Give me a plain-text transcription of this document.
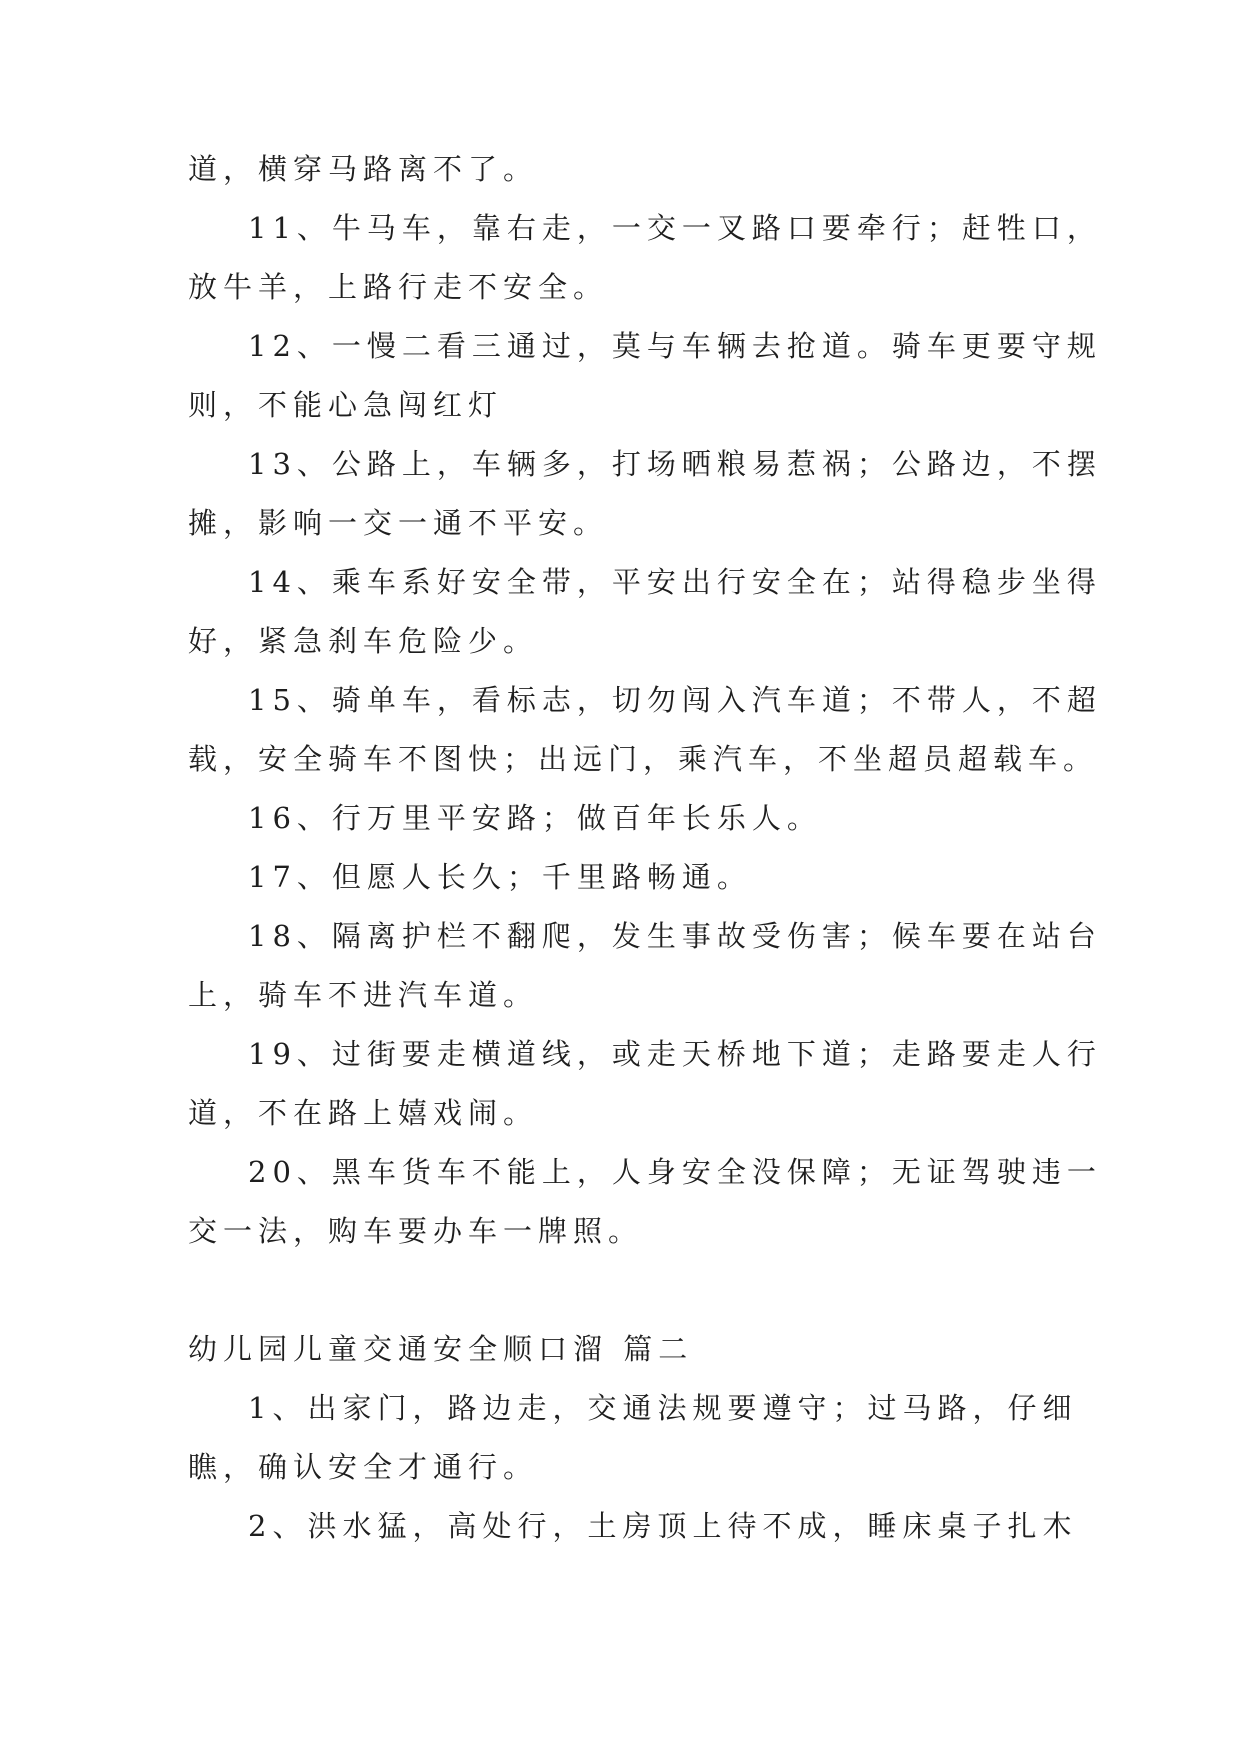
道，横穿马路离不了。
11、牛马车，靠右走，一交一叉路口要牵行；赶牲口，
放牛羊，上路行走不安全。
12、一慢二看三通过，莫与车辆去抢道。骑车更要守规
则，不能心急闯红灯
13、公路上，车辆多，打场晒粮易惹祸；公路边，不摆
摊，影响一交一通不平安。
14、乘车系好安全带，平安出行安全在；站得稳步坐得
好，紧急刹车危险少。
15、骑单车，看标志，切勿闯入汽车道；不带人，不超
载，安全骑车不图快；出远门，乘汽车，不坐超员超载车。
16、行万里平安路；做百年长乐人。
17、但愿人长久；千里路畅通。
18、隔离护栏不翻爬，发生事故受伤害；候车要在站台
上，骑车不进汽车道。
19、过街要走横道线，或走天桥地下道；走路要走人行
道，不在路上嬉戏闹。
20、黑车货车不能上，人身安全没保障；无证驾驶违一
交一法，购车要办车一牌照。
幼儿园儿童交通安全顺口溜 篇二
1、出家门，路边走，交通法规要遵守；过马路，仔细
瞧，确认安全才通行。
2、洪水猛，高处行，土房顶上待不成，睡床桌子扎木
